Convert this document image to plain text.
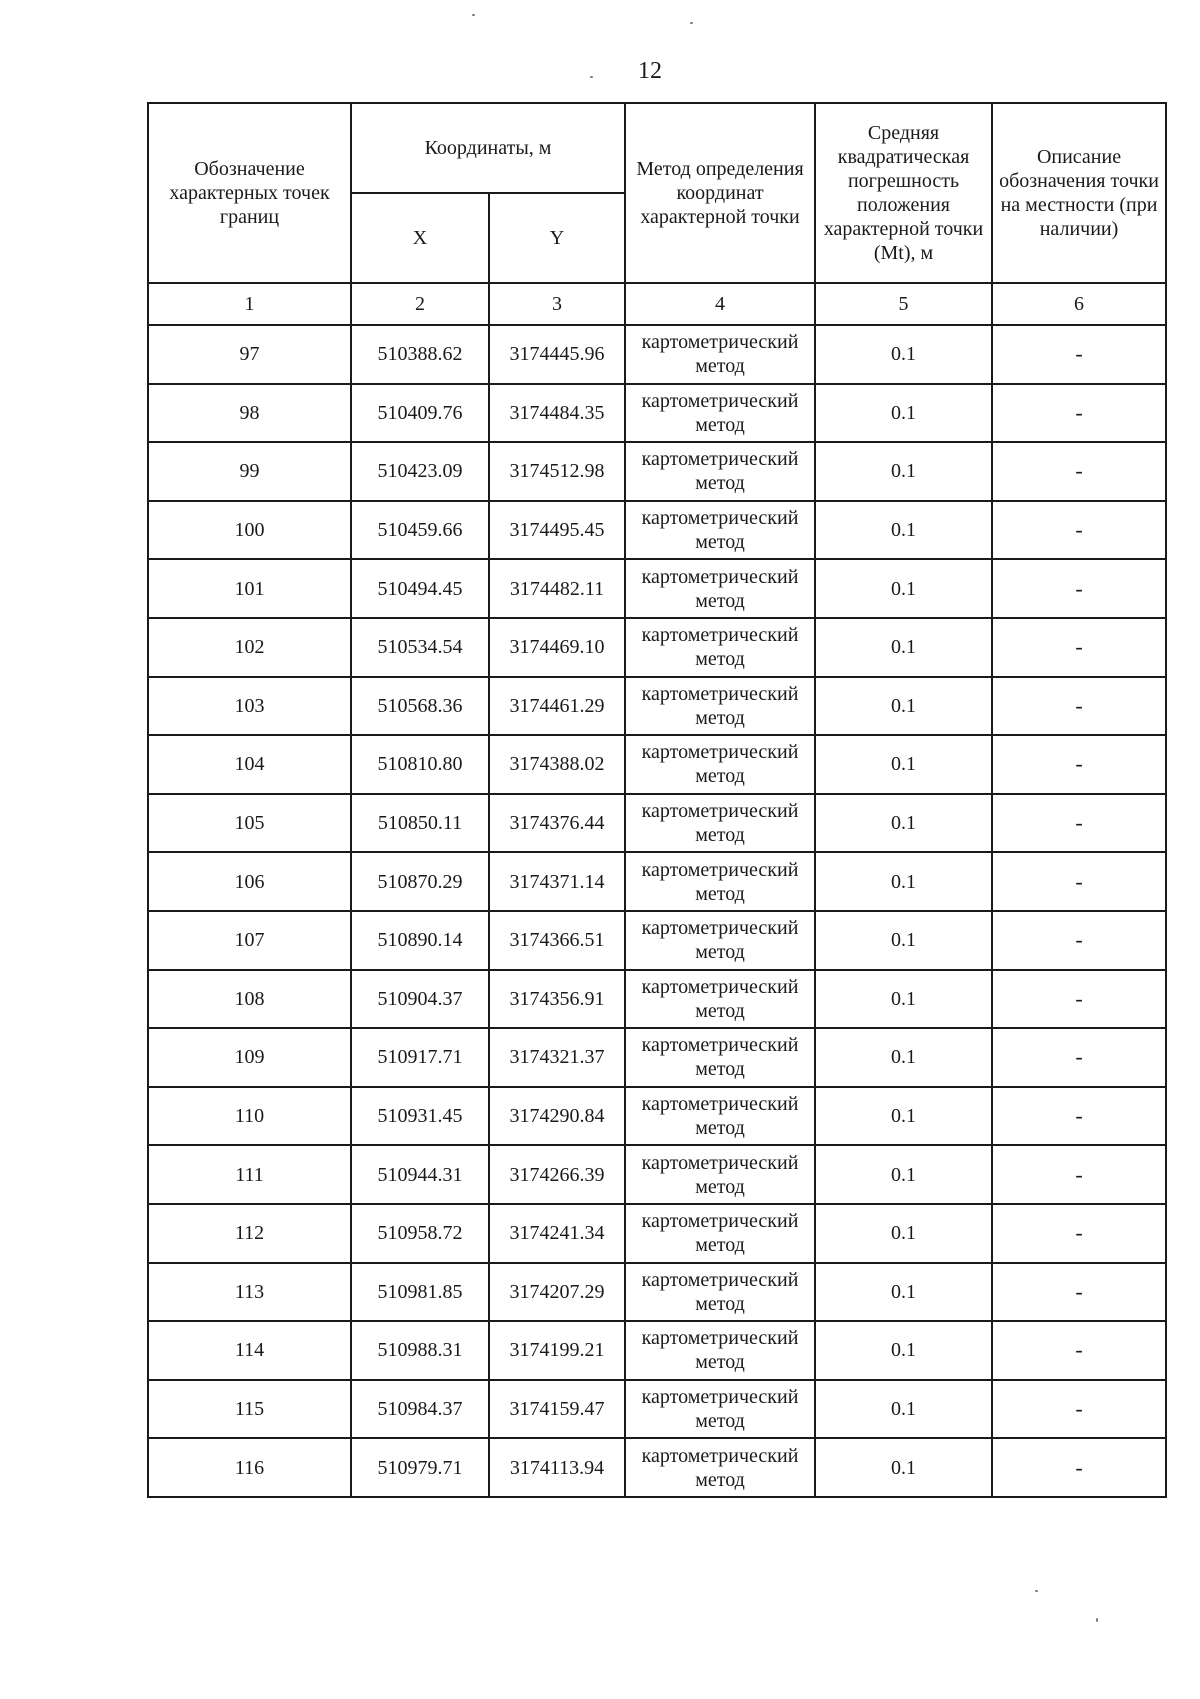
12
Обозначение характерных точек границ	Координаты, м		Метод определения координат характерной точки	Средняя квадратическая погрешность положения характерной точки (Mt), м	Описание обозначения точки на местности (при наличии)
	X	Y			
1	2	3	4	5	6
97	510388.62	3174445.96	картометрический метод	0.1	-
98	510409.76	3174484.35	картометрический метод	0.1	-
99	510423.09	3174512.98	картометрический метод	0.1	-
100	510459.66	3174495.45	картометрический метод	0.1	-
101	510494.45	3174482.11	картометрический метод	0.1	-
102	510534.54	3174469.10	картометрический метод	0.1	-
103	510568.36	3174461.29	картометрический метод	0.1	-
104	510810.80	3174388.02	картометрический метод	0.1	-
105	510850.11	3174376.44	картометрический метод	0.1	-
106	510870.29	3174371.14	картометрический метод	0.1	-
107	510890.14	3174366.51	картометрический метод	0.1	-
108	510904.37	3174356.91	картометрический метод	0.1	-
109	510917.71	3174321.37	картометрический метод	0.1	-
110	510931.45	3174290.84	картометрический метод	0.1	-
111	510944.31	3174266.39	картометрический метод	0.1	-
112	510958.72	3174241.34	картометрический метод	0.1	-
113	510981.85	3174207.29	картометрический метод	0.1	-
114	510988.31	3174199.21	картометрический метод	0.1	-
115	510984.37	3174159.47	картометрический метод	0.1	-
116	510979.71	3174113.94	картометрический метод	0.1	-
